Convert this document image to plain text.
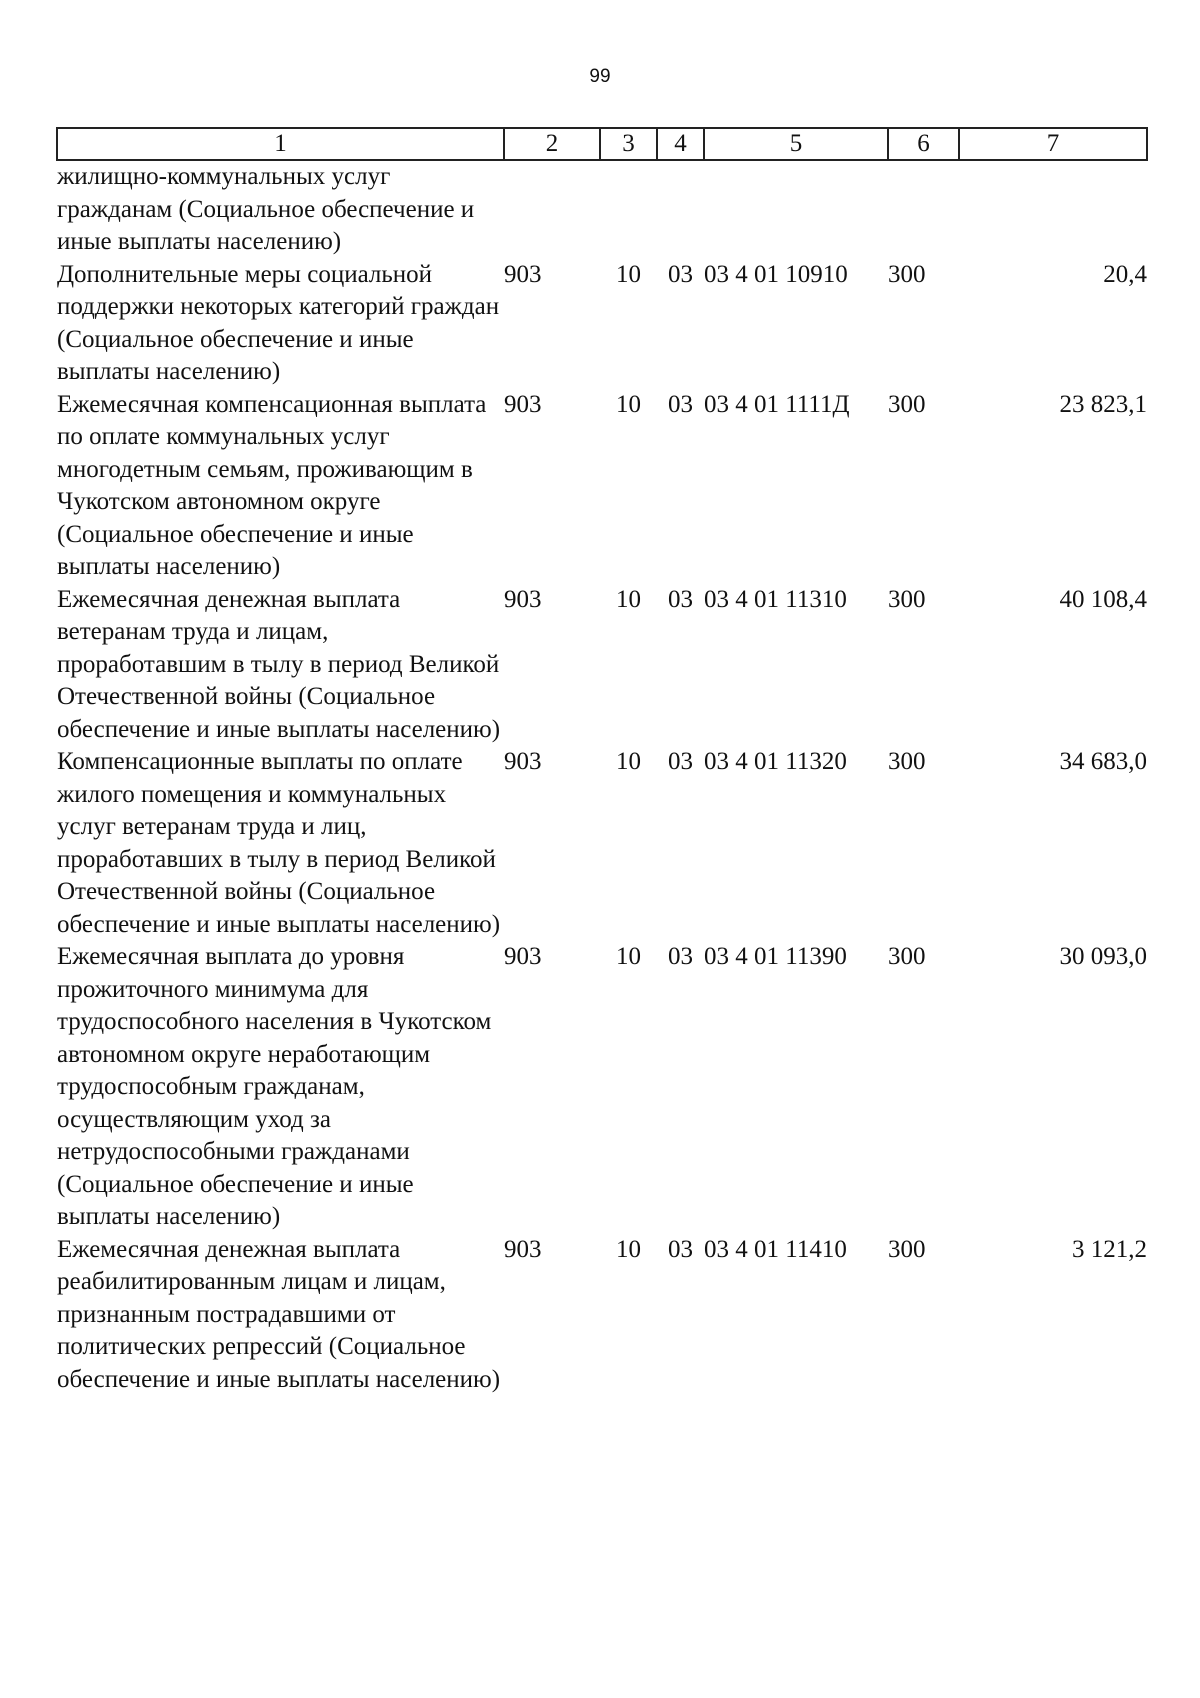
99
1	2	3	4	5	6	7
жилищно-коммунальных услуг гражданам (Социальное обеспечение и иные выплаты населению)						
Дополнительные меры социальной поддержки некоторых категорий граждан (Социальное обеспечение и иные выплаты населению)	903	10	03	03 4 01 10910	300	20,4
Ежемесячная компенсационная выплата по оплате коммунальных услуг многодетным семьям, проживающим в Чукотском автономном округе (Социальное обеспечение и иные выплаты населению)	903	10	03	03 4 01 1111Д	300	23 823,1
Ежемесячная денежная выплата ветеранам труда и лицам, проработавшим в тылу в период Великой Отечественной войны (Социальное обеспечение и иные выплаты населению)	903	10	03	03 4 01 11310	300	40 108,4
Компенсационные выплаты по оплате жилого помещения и коммунальных услуг ветеранам труда и лиц, проработавших в тылу в период Великой Отечественной войны (Социальное обеспечение и иные выплаты населению)	903	10	03	03 4 01 11320	300	34 683,0
Ежемесячная выплата до уровня прожиточного минимума для трудоспособного населения в Чукотском автономном округе неработающим трудоспособным гражданам, осуществляющим уход за нетрудоспособными гражданами (Социальное обеспечение и иные выплаты населению)	903	10	03	03 4 01 11390	300	30 093,0
Ежемесячная денежная выплата реабилитированным лицам и лицам, признанным пострадавшими от политических репрессий (Социальное обеспечение и иные выплаты населению)	903	10	03	03 4 01 11410	300	3 121,2
